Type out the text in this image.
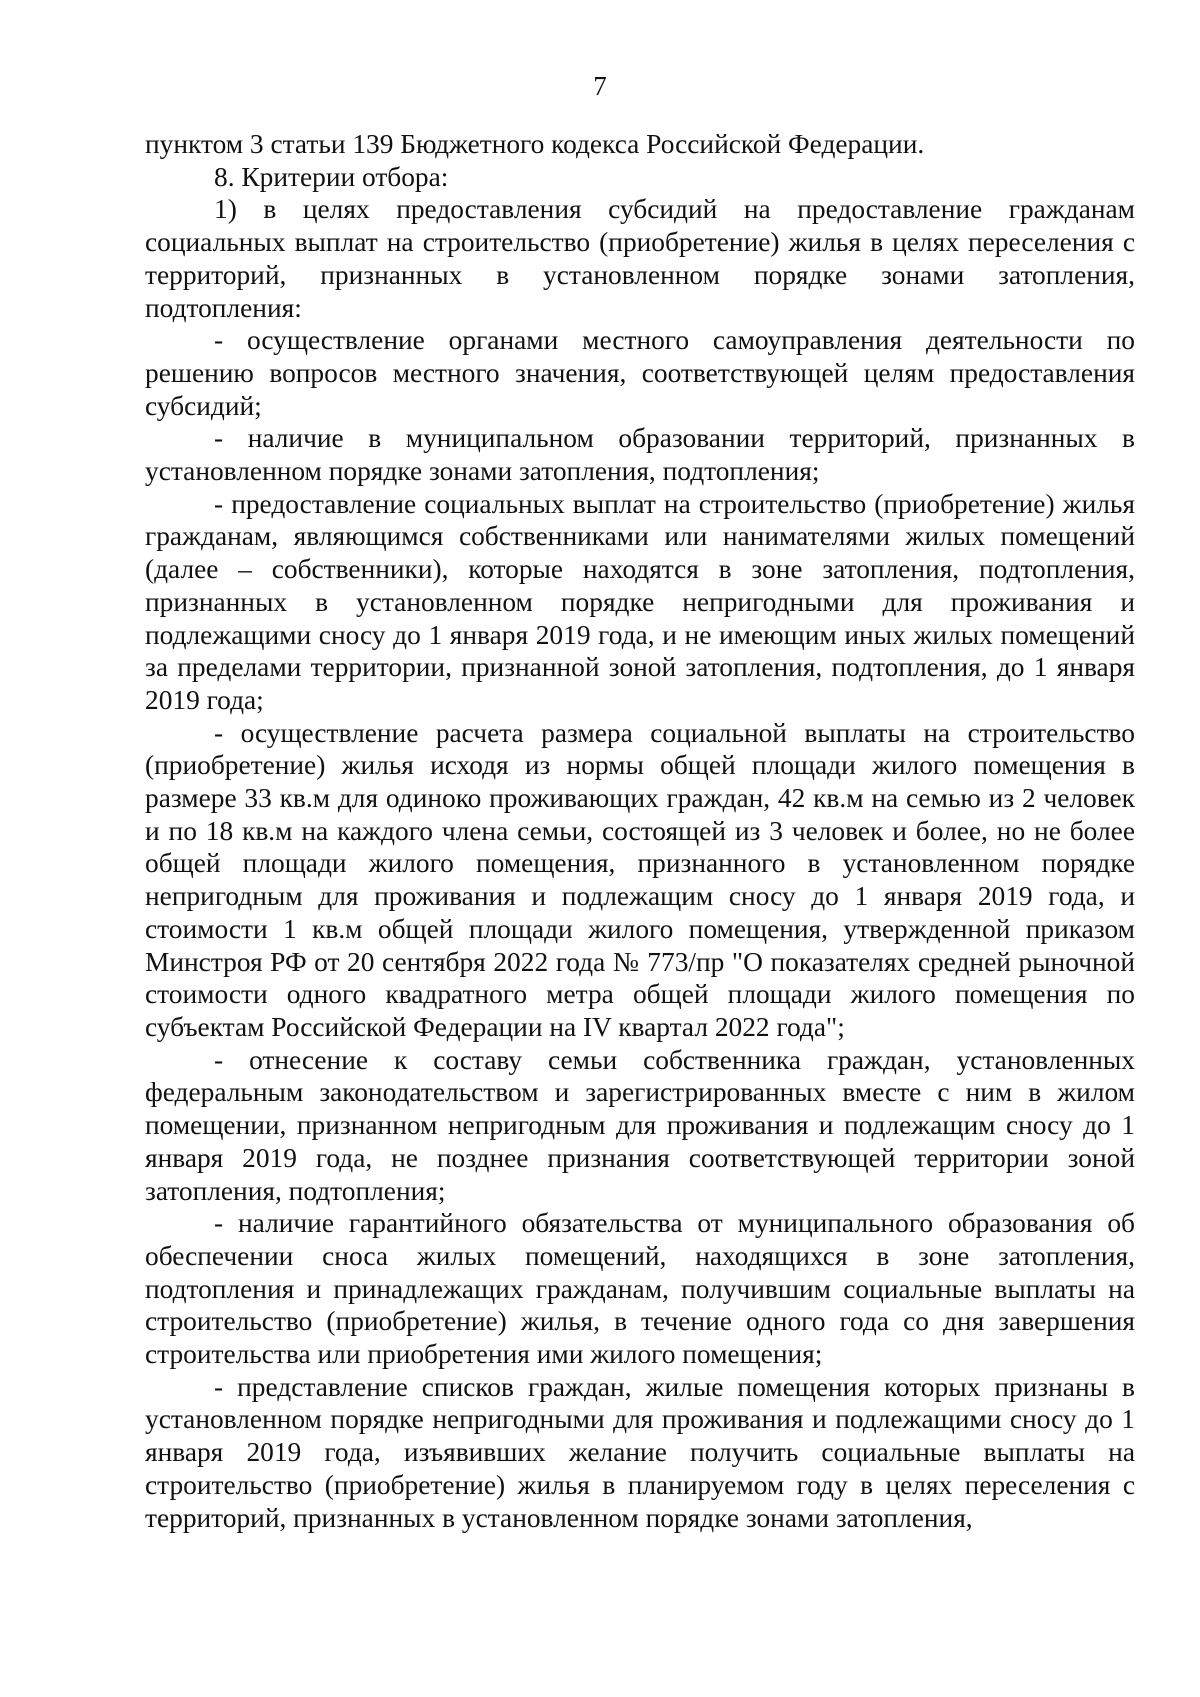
7

пунктом 3 статьи 139 Бюджетного кодекса Российской Федерации.

8. Критерии отбора:

1) в целях предоставления субсидий на предоставление гражданам социальных выплат на строительство (приобретение) жилья в целях переселения с территорий, признанных в установленном порядке зонами затопления, подтопления:

- осуществление органами местного самоуправления деятельности по решению вопросов местного значения, соответствующей целям предоставления субсидий;

- наличие в муниципальном образовании территорий, признанных в установленном порядке зонами затопления, подтопления;

- предоставление социальных выплат на строительство (приобретение) жилья гражданам, являющимся собственниками или нанимателями жилых помещений (далее – собственники), которые находятся в зоне затопления, подтопления, признанных в установленном порядке непригодными для проживания и подлежащими сносу до 1 января 2019 года, и не имеющим иных жилых помещений за пределами территории, признанной зоной затопления, подтопления, до 1 января 2019 года;

- осуществление расчета размера социальной выплаты на строительство (приобретение) жилья исходя из нормы общей площади жилого помещения в размере 33 кв.м для одиноко проживающих граждан, 42 кв.м на семью из 2 человек и по 18 кв.м на каждого члена семьи, состоящей из 3 человек и более, но не более общей площади жилого помещения, признанного в установленном порядке непригодным для проживания и подлежащим сносу до 1 января 2019 года, и стоимости 1 кв.м общей площади жилого помещения, утвержденной приказом Минстроя РФ от 20 сентября 2022 года № 773/пр "О показателях средней рыночной стоимости одного квадратного метра общей площади жилого помещения по субъектам Российской Федерации на IV квартал 2022 года";

- отнесение к составу семьи собственника граждан, установленных федеральным законодательством и зарегистрированных вместе с ним в жилом помещении, признанном непригодным для проживания и подлежащим сносу до 1 января 2019 года, не позднее признания соответствующей территории зоной затопления, подтопления;

- наличие гарантийного обязательства от муниципального образования об обеспечении сноса жилых помещений, находящихся в зоне затопления, подтопления и принадлежащих гражданам, получившим социальные выплаты на строительство (приобретение) жилья, в течение одного года со дня завершения строительства или приобретения ими жилого помещения;

- представление списков граждан, жилые помещения которых признаны в установленном порядке непригодными для проживания и подлежащими сносу до 1 января 2019 года, изъявивших желание получить социальные выплаты на строительство (приобретение) жилья в планируемом году в целях переселения с территорий, признанных в установленном порядке зонами затопления,
